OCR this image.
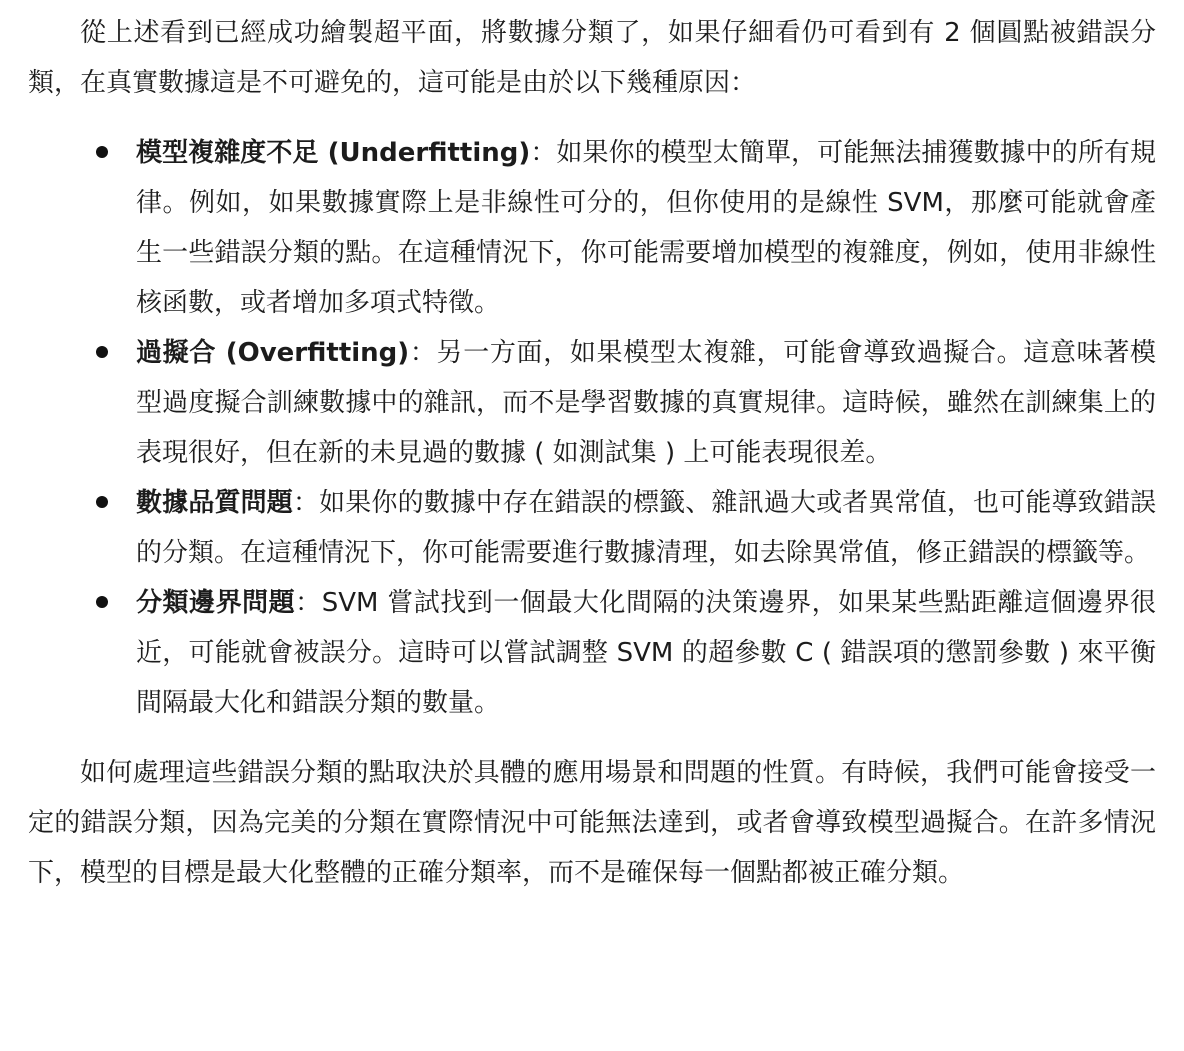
從上述看到已經成功繪製超平面，將數據分類了，如果仔細看仍可看到有 2 個圓點被錯誤分類，在真實數據這是不可避免的，這可能是由於以下幾種原因：

模型複雜度不足 (Underfitting)：如果你的模型太簡單，可能無法捕獲數據中的所有規律。例如，如果數據實際上是非線性可分的，但你使用的是線性 SVM，那麼可能就會產生一些錯誤分類的點。在這種情況下，你可能需要增加模型的複雜度，例如，使用非線性核函數，或者增加多項式特徵。
過擬合 (Overfitting)：另一方面，如果模型太複雜，可能會導致過擬合。這意味著模型過度擬合訓練數據中的雜訊，而不是學習數據的真實規律。這時候，雖然在訓練集上的表現很好，但在新的未見過的數據 ( 如測試集 ) 上可能表現很差。
數據品質問題：如果你的數據中存在錯誤的標籤、雜訊過大或者異常值，也可能導致錯誤的分類。在這種情況下，你可能需要進行數據清理，如去除異常值，修正錯誤的標籤等。
分類邊界問題：SVM 嘗試找到一個最大化間隔的決策邊界，如果某些點距離這個邊界很近，可能就會被誤分。這時可以嘗試調整 SVM 的超參數 C ( 錯誤項的懲罰參數 ) 來平衡間隔最大化和錯誤分類的數量。

如何處理這些錯誤分類的點取決於具體的應用場景和問題的性質。有時候，我們可能會接受一定的錯誤分類，因為完美的分類在實際情況中可能無法達到，或者會導致模型過擬合。在許多情況下，模型的目標是最大化整體的正確分類率，而不是確保每一個點都被正確分類。
